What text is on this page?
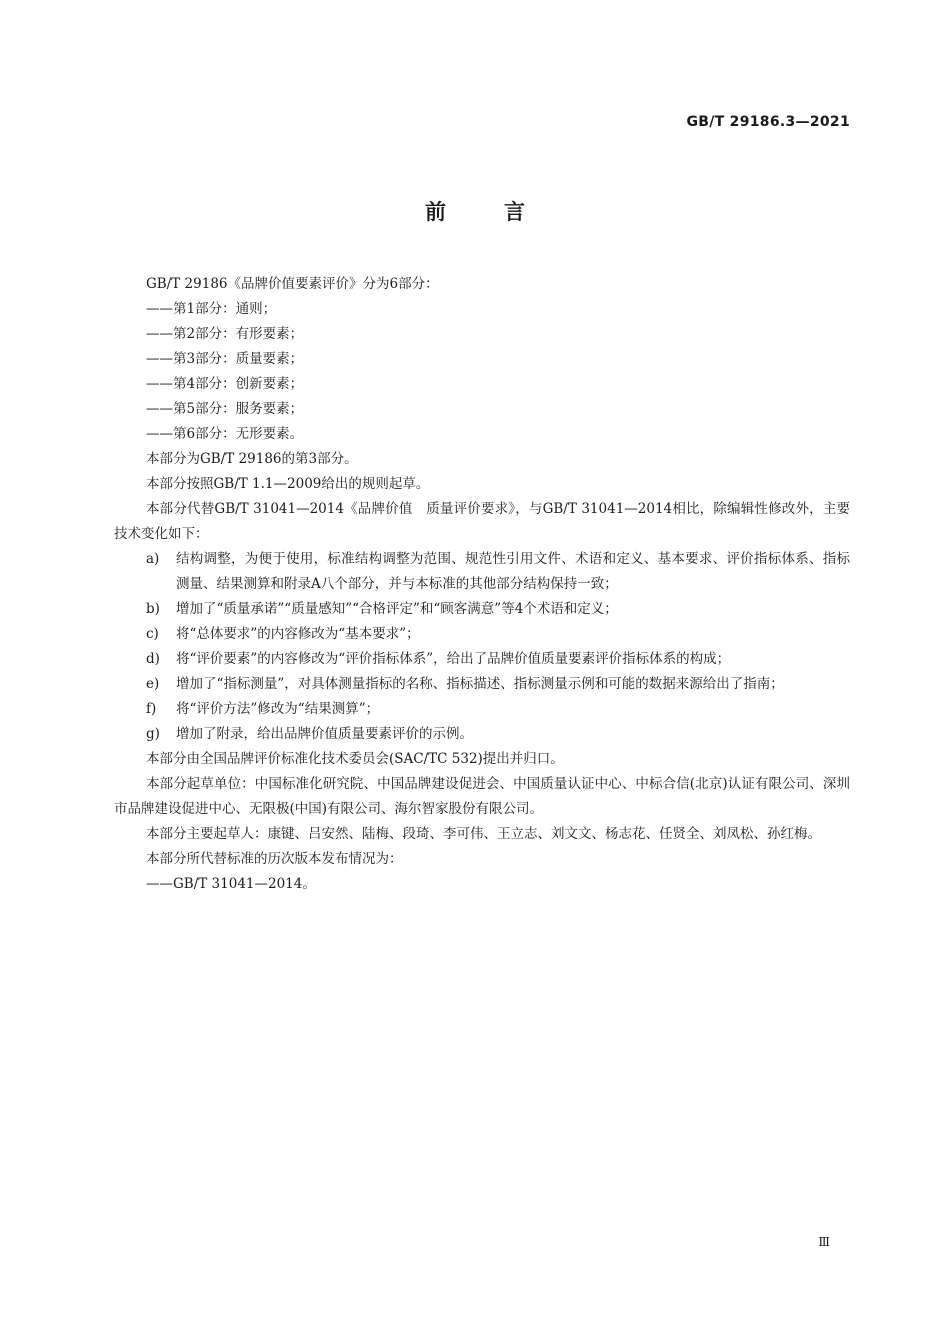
GB/T 29186.3—2021
前言

GB/T 29186《品牌价值要素评价》分为6部分：

——第1部分：通则；

——第2部分：有形要素；

——第3部分：质量要素；

——第4部分：创新要素；

——第5部分：服务要素；

——第6部分：无形要素。

本部分为GB/T 29186的第3部分。

本部分按照GB/T 1.1—2009给出的规则起草。

本部分代替GB/T 31041—2014《品牌价值　质量评价要求》，与GB/T 31041—2014相比，除编辑性修改外，主要技术变化如下：

a) 结构调整，为便于使用，标准结构调整为范围、规范性引用文件、术语和定义、基本要求、评价指标体系、指标测量、结果测算和附录A八个部分，并与本标准的其他部分结构保持一致；
b) 增加了“质量承诺”“质量感知”“合格评定”和“顾客满意”等4个术语和定义；
c) 将“总体要求”的内容修改为“基本要求”；
d) 将“评价要素”的内容修改为“评价指标体系”，给出了品牌价值质量要素评价指标体系的构成；
e) 增加了“指标测量”，对具体测量指标的名称、指标描述、指标测量示例和可能的数据来源给出了指南；
f) 将“评价方法”修改为“结果测算”；
g) 增加了附录，给出品牌价值质量要素评价的示例。

本部分由全国品牌评价标准化技术委员会(SAC/TC 532)提出并归口。

本部分起草单位：中国标准化研究院、中国品牌建设促进会、中国质量认证中心、中标合信(北京)认证有限公司、深圳市品牌建设促进中心、无限极(中国)有限公司、海尔智家股份有限公司。

本部分主要起草人：康键、吕安然、陆梅、段琦、李可伟、王立志、刘文文、杨志花、任贤全、刘凤松、孙红梅。

本部分所代替标准的历次版本发布情况为：

——GB/T 31041—2014。

Ⅲ
